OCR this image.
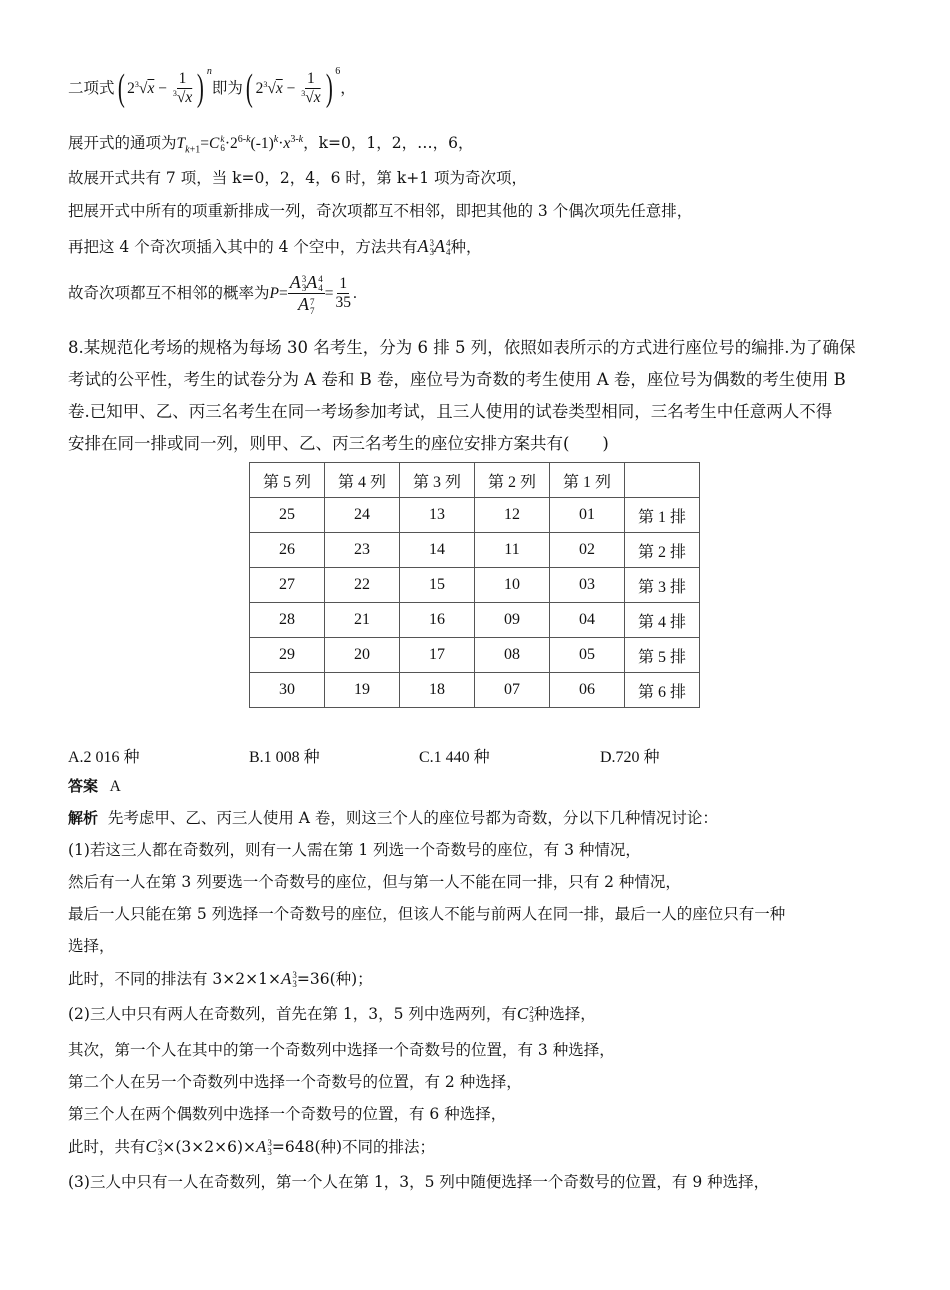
二项式( $2^3√x - \frac{1}{^3√x}$ ) $^n$即为( $2^3√x - \frac{1}{^3√x}$ ) $^6$，
展开式的通项为$T_{k+1}=C$ k
$6 \cdot 2^{6-k}(-1)^k\cdot x^{3-k}$，k=0，1，2，…，6，
故展开式共有 7 项，当 k=0，2，4，6 时，第 k+1 项为奇次项，
把展开式中所有的项重新排成一列，奇次项都互不相邻，即把其他的 3 个偶次项先任意排，
再把这 4 个奇次项插入其中的 4 个空中，方法共有A 3
3 A 4
4 种，
故奇次项都互不相邻的概率为P= A 3
3 A 4
4
A 7
$7 = \frac{1}{35}$ .
8.某规范化考场的规格为每场 30 名考生，分为 6 排 5 列，依照如表所示的方式进行座位号的编排.为了确保
考试的公平性，考生的试卷分为 A 卷和 B 卷，座位号为奇数的考生使用 A 卷，座位号为偶数的考生使用 B
卷.已知甲、乙、丙三名考生在同一考场参加考试，且三人使用的试卷类型相同，三名考生中任意两人不得
安排在同一排或同一列，则甲、乙、丙三名考生的座位安排方案共有(　　)
第 5 列	第 4 列	第 3 列	第 2 列	第 1 列	
25	24	13	12	01	第 1 排
26	23	14	11	02	第 2 排
27	22	15	10	03	第 3 排
28	21	16	09	04	第 4 排
29	20	17	08	05	第 5 排
30	19	18	07	06	第 6 排
A.2 016 种	B.1 008 种	C.1 440 种	D.720 种
答案 A
解析 先考虑甲、乙、丙三人使用 A 卷，则这三个人的座位号都为奇数，分以下几种情况讨论：
(1)若这三人都在奇数列，则有一人需在第 1 列选一个奇数号的座位，有 3 种情况，
然后有一人在第 3 列要选一个奇数号的座位，但与第一人不能在同一排，只有 2 种情况，
最后一人只能在第 5 列选择一个奇数号的座位，但该人不能与前两人在同一排，最后一人的座位只有一种
选择，
此时，不同的排法有 3×2×1×A 3
3 =36(种)；
(2)三人中只有两人在奇数列，首先在第 1，3，5 列中选两列，有C 2
3 种选择，
其次，第一个人在其中的第一个奇数列中选择一个奇数号的位置，有 3 种选择，
第二个人在另一个奇数列中选择一个奇数号的位置，有 2 种选择，
第三个人在两个偶数列中选择一个奇数号的位置，有 6 种选择，
此时，共有C 2
3 ×(3×2×6)×A 3
3 =648(种)不同的排法；
(3)三人中只有一人在奇数列，第一个人在第 1，3，5 列中随便选择一个奇数号的位置，有 9 种选择，
